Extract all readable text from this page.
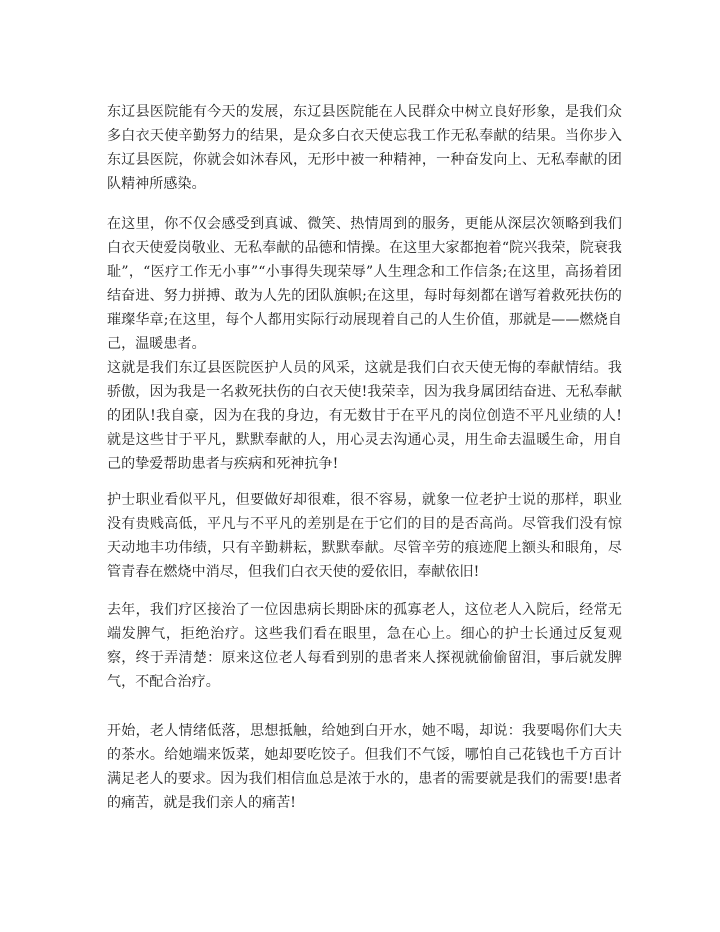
东辽县医院能有今天的发展，东辽县医院能在人民群众中树立良好形象，是我们众多白衣天使辛勤努力的结果，是众多白衣天使忘我工作无私奉献的结果。当你步入东辽县医院，你就会如沐春风，无形中被一种精神，一种奋发向上、无私奉献的团队精神所感染。

在这里，你不仅会感受到真诚、微笑、热情周到的服务，更能从深层次领略到我们白衣天使爱岗敬业、无私奉献的品德和情操。在这里大家都抱着“院兴我荣，院衰我耻”，“医疗工作无小事”“小事得失现荣辱”人生理念和工作信条;在这里，高扬着团结奋进、努力拼搏、敢为人先的团队旗帜;在这里，每时每刻都在谱写着救死扶伤的璀璨华章;在这里，每个人都用实际行动展现着自己的人生价值，那就是——燃烧自己，温暖患者。

这就是我们东辽县医院医护人员的风采，这就是我们白衣天使无悔的奉献情结。我骄傲，因为我是一名救死扶伤的白衣天使!我荣幸，因为我身属团结奋进、无私奉献的团队!我自豪，因为在我的身边，有无数甘于在平凡的岗位创造不平凡业绩的人!就是这些甘于平凡，默默奉献的人，用心灵去沟通心灵，用生命去温暖生命，用自己的挚爱帮助患者与疾病和死神抗争!

护士职业看似平凡，但要做好却很难，很不容易，就象一位老护士说的那样，职业没有贵贱高低，平凡与不平凡的差别是在于它们的目的是否高尚。尽管我们没有惊天动地丰功伟绩，只有辛勤耕耘，默默奉献。尽管辛劳的痕迹爬上额头和眼角，尽管青春在燃烧中消尽，但我们白衣天使的爱依旧，奉献依旧!

去年，我们疗区接治了一位因患病长期卧床的孤寡老人，这位老人入院后，经常无端发脾气，拒绝治疗。这些我们看在眼里，急在心上。细心的护士长通过反复观察，终于弄清楚：原来这位老人每看到别的患者来人探视就偷偷留泪，事后就发脾气，不配合治疗。

开始，老人情绪低落，思想抵触，给她到白开水，她不喝，却说：我要喝你们大夫的茶水。给她端来饭菜，她却要吃饺子。但我们不气馁，哪怕自己花钱也千方百计满足老人的要求。因为我们相信血总是浓于水的，患者的需要就是我们的需要!患者的痛苦，就是我们亲人的痛苦!
